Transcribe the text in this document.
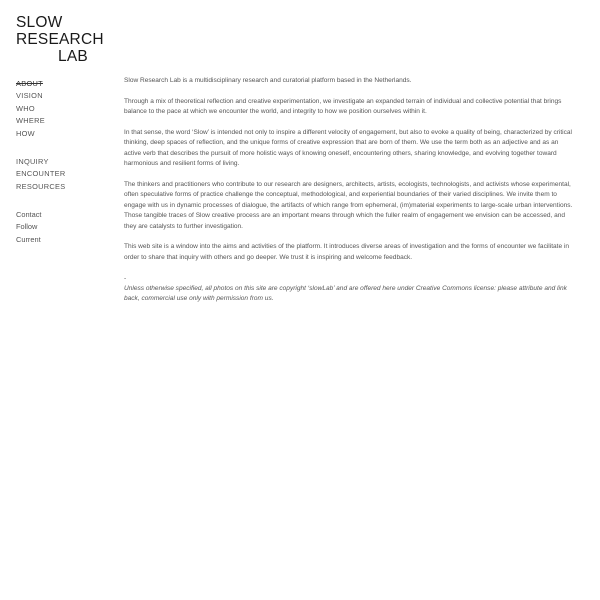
SLOW
RESEARCH
LAB
ABOUT
VISION
WHO
WHERE
HOW
INQUIRY
ENCOUNTER
RESOURCES
Contact
Follow
Current

Slow Research Lab is a multidisciplinary research and curatorial platform based in the Netherlands.

Through a mix of theoretical reflection and creative experimentation, we investigate an expanded terrain of individual and collective potential that brings balance to the pace at which we encounter the world, and integrity to how we position ourselves within it.

In that sense, the word ‘Slow’ is intended not only to inspire a different velocity of engagement, but also to evoke a quality of being, characterized by critical thinking, deep spaces of reflection, and the unique forms of creative expression that are born of them. We use the term both as an adjective and as an active verb that describes the pursuit of more holistic ways of knowing oneself, encountering others, sharing knowledge, and evolving together toward harmonious and resilient forms of living.

The thinkers and practitioners who contribute to our research are designers, architects, artists, ecologists, technologists, and activists whose experimental, often speculative forms of practice challenge the conceptual, methodological, and experiential boundaries of their varied disciplines. We invite them to engage with us in dynamic processes of dialogue, the artifacts of which range from ephemeral, (im)material experiments to large-scale urban interventions. Those tangible traces of Slow creative process are an important means through which the fuller realm of engagement we envision can be accessed, and they are catalysts to further investigation.

This web site is a window into the aims and activities of the platform. It introduces diverse areas of investigation and the forms of encounter we facilitate in order to share that inquiry with others and go deeper. We trust it is inspiring and welcome feedback.

-

Unless otherwise specified, all photos on this site are copyright ‘slowLab’ and are offered here under Creative Commons license: please attribute and link back, commercial use only with permission from us.
